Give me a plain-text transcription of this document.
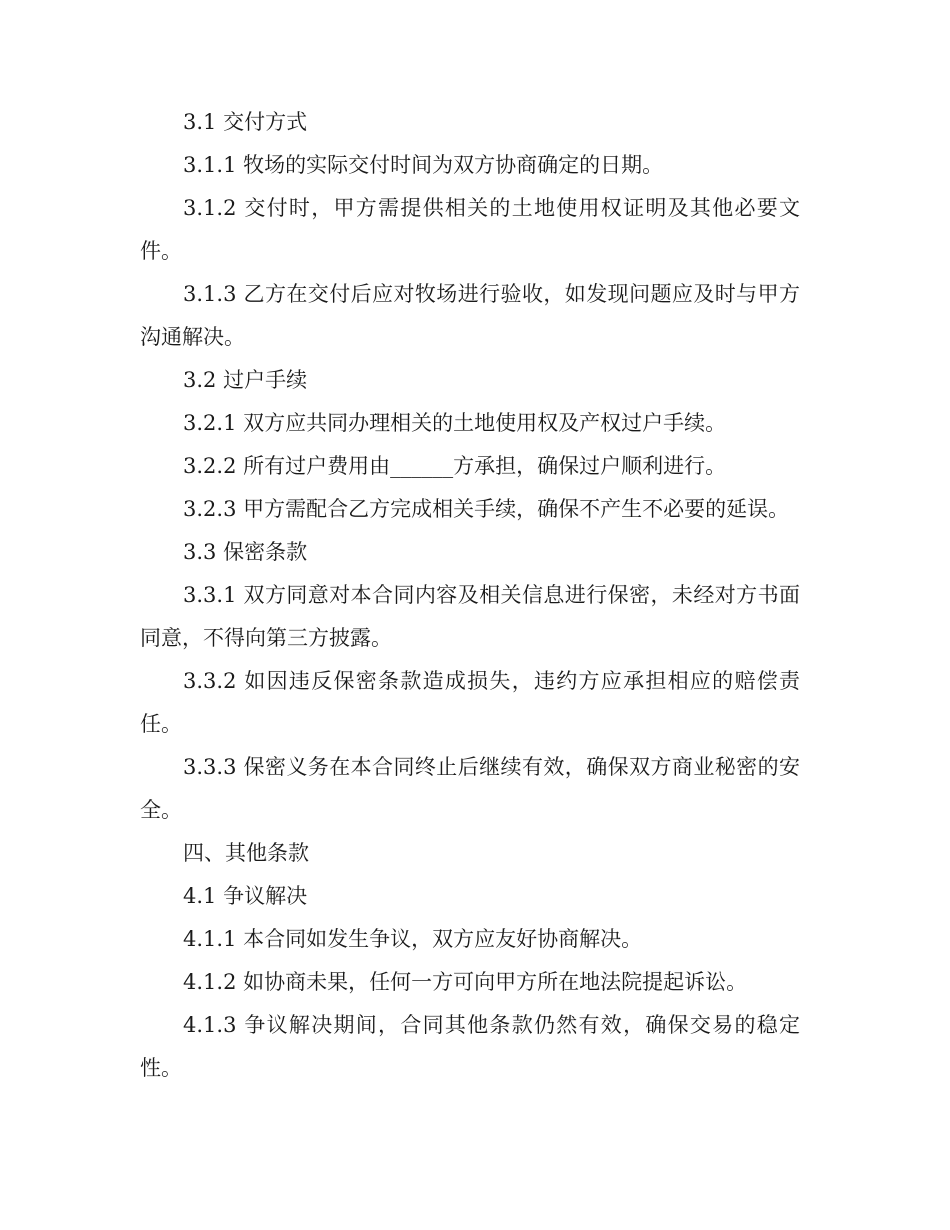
3.1 交付方式

3.1.1 牧场的实际交付时间为双方协商确定的日期。

3.1.2 交付时，甲方需提供相关的土地使用权证明及其他必要文件。

3.1.3 乙方在交付后应对牧场进行验收，如发现问题应及时与甲方沟通解决。

3.2 过户手续

3.2.1 双方应共同办理相关的土地使用权及产权过户手续。

3.2.2 所有过户费用由______方承担，确保过户顺利进行。

3.2.3 甲方需配合乙方完成相关手续，确保不产生不必要的延误。

3.3 保密条款

3.3.1 双方同意对本合同内容及相关信息进行保密，未经对方书面同意，不得向第三方披露。

3.3.2 如因违反保密条款造成损失，违约方应承担相应的赔偿责任。

3.3.3 保密义务在本合同终止后继续有效，确保双方商业秘密的安全。

四、其他条款

4.1 争议解决

4.1.1 本合同如发生争议，双方应友好协商解决。

4.1.2 如协商未果，任何一方可向甲方所在地法院提起诉讼。

4.1.3 争议解决期间，合同其他条款仍然有效，确保交易的稳定性。
